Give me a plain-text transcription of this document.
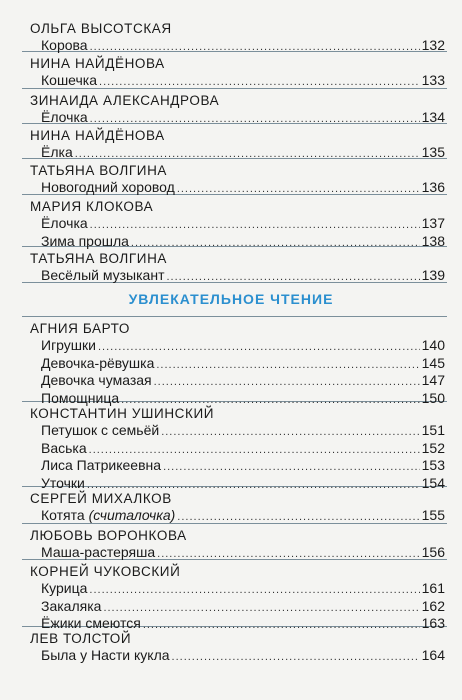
УВЛЕКАТЕЛЬНОЕ ЧТЕНИЕ
ОЛЬГА ВЫСОТСКАЯ
Корова .....	132
НИНА НАЙДЁНОВА
Кошечка .....	133
ЗИНАИДА АЛЕКСАНДРОВА
Ёлочка .....	134
НИНА НАЙДЁНОВА
Ёлка .....	135
ТАТЬЯНА ВОЛГИНА
Новогодний хоровод .....	136
МАРИЯ КЛОКОВА
Ёлочка .....	137
Зима прошла .....	138
ТАТЬЯНА ВОЛГИНА
Весёлый музыкант .....	139
АГНИЯ БАРТО
Игрушки .....	140
Девочка-рёвушка .....	145
Девочка чумазая .....	147
Помощница .....	150
КОНСТАНТИН УШИНСКИЙ
Петушок с семьёй .....	151
Васька .....	152
Лиса Патрикеевна .....	153
Уточки .....	154
СЕРГЕЙ МИХАЛКОВ
Котята (считалочка) .....	155
ЛЮБОВЬ ВОРОНКОВА
Маша-растеряша .....	156
КОРНЕЙ ЧУКОВСКИЙ
Курица .....	161
Закаляка .....	162
Ёжики смеются .....	163
ЛЕВ ТОЛСТОЙ
Была у Насти кукла .....	164
